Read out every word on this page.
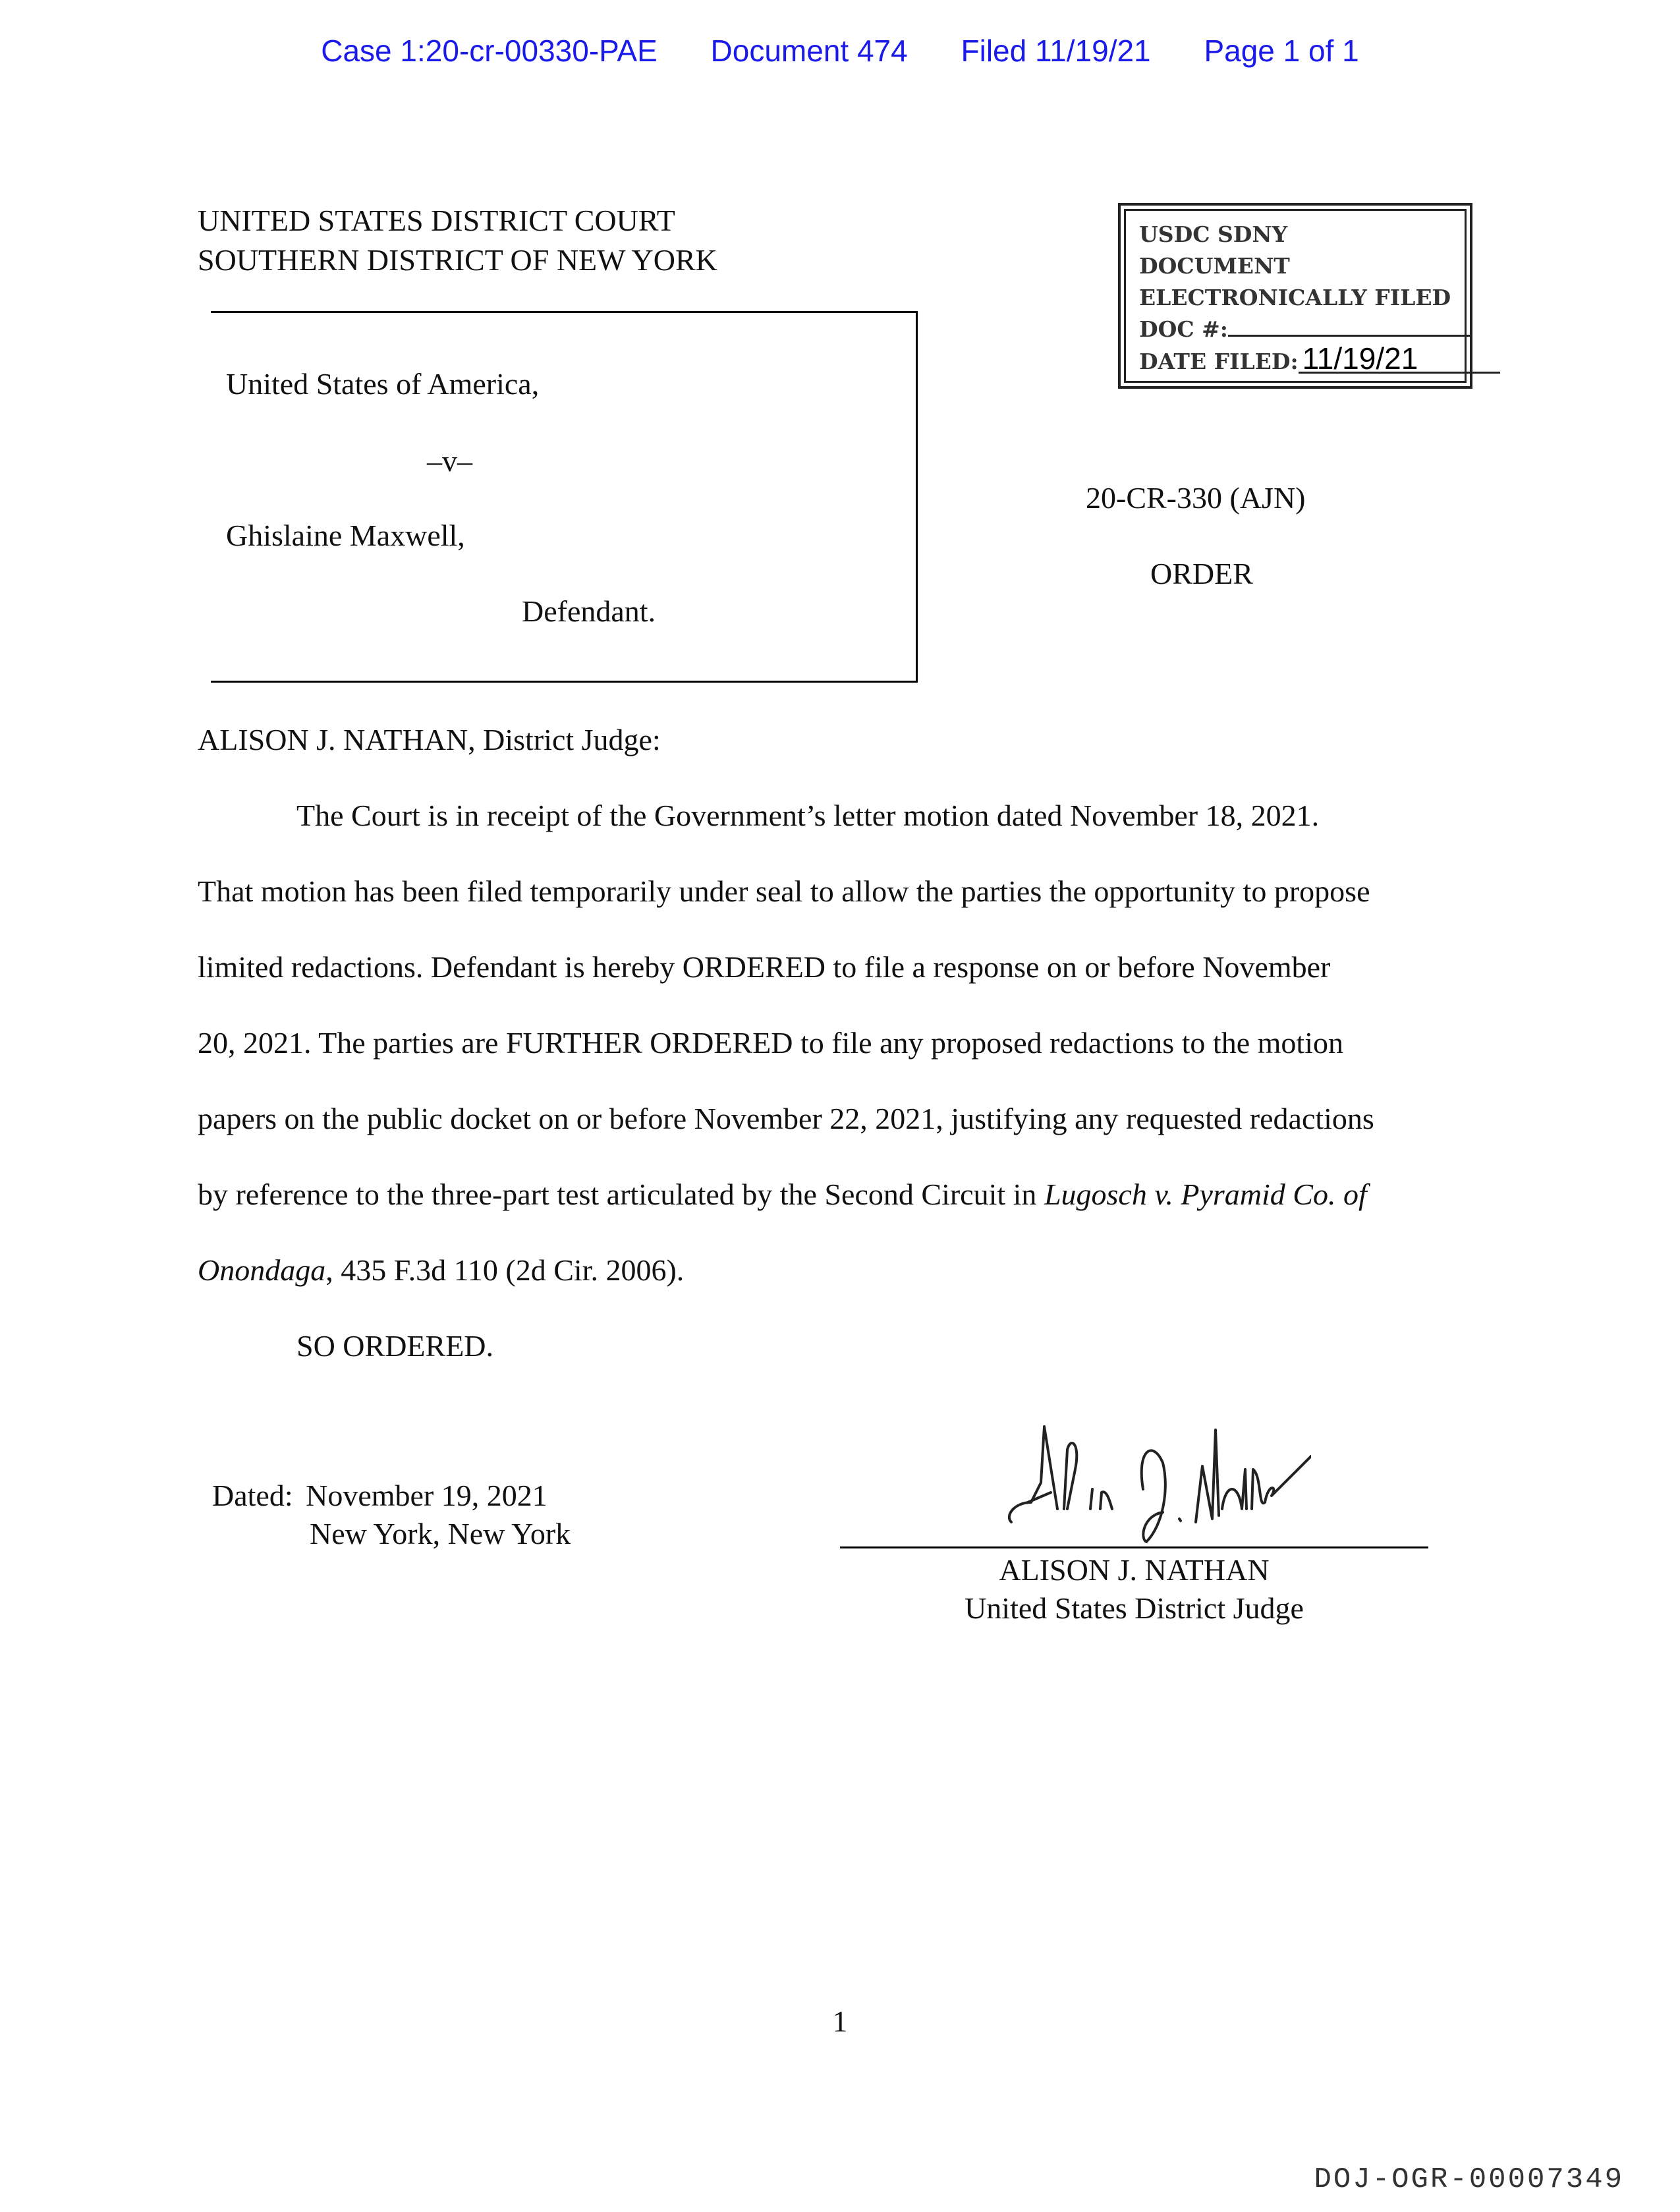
Case 1:20-cr-00330-PAE Document 474 Filed 11/19/21 Page 1 of 1
UNITED STATES DISTRICT COURT
SOUTHERN DISTRICT OF NEW YORK
USDC SDNY
DOCUMENT
ELECTRONICALLY FILED
DOC #:
DATE FILED: 11/19/21
United States of America,
–v–
Ghislaine Maxwell,
Defendant.
20-CR-330 (AJN)
ORDER
ALISON J. NATHAN, District Judge:
The Court is in receipt of the Government’s letter motion dated November 18, 2021.
That motion has been filed temporarily under seal to allow the parties the opportunity to propose
limited redactions. Defendant is hereby ORDERED to file a response on or before November
20, 2021. The parties are FURTHER ORDERED to file any proposed redactions to the motion
papers on the public docket on or before November 22, 2021, justifying any requested redactions
by reference to the three-part test articulated by the Second Circuit in Lugosch v. Pyramid Co. of
Onondaga, 435 F.3d 110 (2d Cir. 2006).
SO ORDERED.
Dated: November 19, 2021
New York, New York
ALISON J. NATHAN
United States District Judge
1
DOJ-OGR-00007349
